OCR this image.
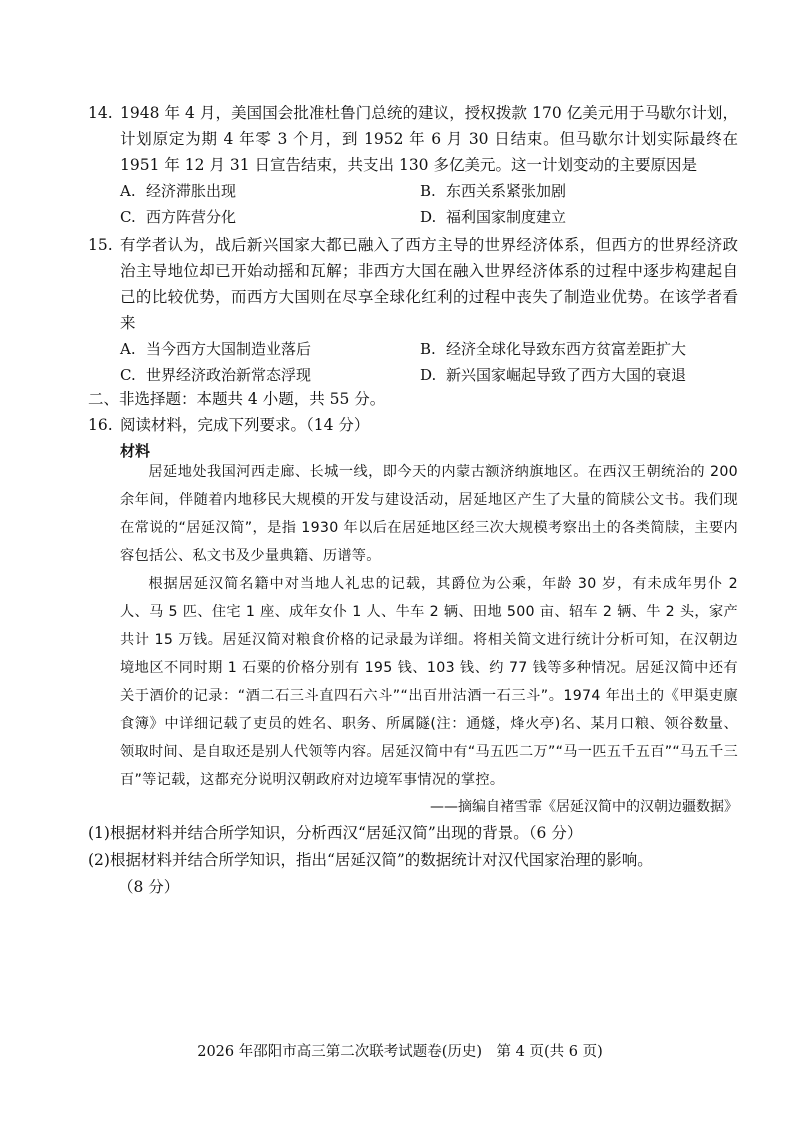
14. 1948 年 4 月，美国国会批准杜鲁门总统的建议，授权拨款 170 亿美元用于马歇尔计划，计划原定为期 4 年零 3 个月，到 1952 年 6 月 30 日结束。但马歇尔计划实际最终在 1951 年 12 月 31 日宣告结束，共支出 130 多亿美元。这一计划变动的主要原因是
A. 经济滞胀出现	B. 东西关系紧张加剧
C. 西方阵营分化	D. 福利国家制度建立
15. 有学者认为，战后新兴国家大都已融入了西方主导的世界经济体系，但西方的世界经济政治主导地位却已开始动摇和瓦解；非西方大国在融入世界经济体系的过程中逐步构建起自己的比较优势，而西方大国则在尽享全球化红利的过程中丧失了制造业优势。在该学者看来
A. 当今西方大国制造业落后	B. 经济全球化导致东西方贫富差距扩大
C. 世界经济政治新常态浮现	D. 新兴国家崛起导致了西方大国的衰退
二、非选择题：本题共 4 小题，共 55 分。
16. 阅读材料，完成下列要求。（14 分）
材料

居延地处我国河西走廊、长城一线，即今天的内蒙古额济纳旗地区。在西汉王朝统治的 200 余年间，伴随着内地移民大规模的开发与建设活动，居延地区产生了大量的简牍公文书。我们现在常说的“居延汉简”，是指 1930 年以后在居延地区经三次大规模考察出土的各类简牍，主要内容包括公、私文书及少量典籍、历谱等。

根据居延汉简名籍中对当地人礼忠的记载，其爵位为公乘，年龄 30 岁，有未成年男仆 2 人、马 5 匹、住宅 1 座、成年女仆 1 人、牛车 2 辆、田地 500 亩、轺车 2 辆、牛 2 头，家产共计 15 万钱。居延汉简对粮食价格的记录最为详细。将相关简文进行统计分析可知，在汉朝边境地区不同时期 1 石粟的价格分别有 195 钱、103 钱、约 77 钱等多种情况。居延汉简中还有关于酒价的记录：“酒二石三斗直四石六斗”“出百卅沽酒一石三斗”。1974 年出土的《甲渠吏廪食簿》中详细记载了吏员的姓名、职务、所属隧(注：通燧，烽火亭)名、某月口粮、领谷数量、领取时间、是自取还是别人代领等内容。居延汉简中有“马五匹二万”“马一匹五千五百”“马五千三百”等记载，这都充分说明汉朝政府对边境军事情况的掌控。

——摘编自褚雪霏《居延汉简中的汉朝边疆数据》
(1)根据材料并结合所学知识，分析西汉“居延汉简”出现的背景。（6 分）
(2)根据材料并结合所学知识，指出“居延汉简”的数据统计对汉代国家治理的影响。
（8 分）
2026 年邵阳市高三第二次联考试题卷(历史)　第 4 页(共 6 页)
